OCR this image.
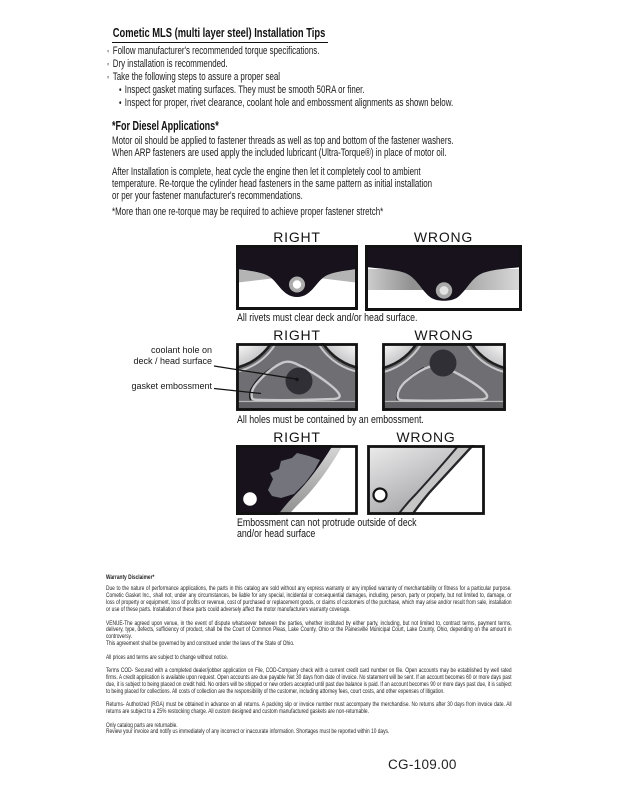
Cometic MLS (multi layer steel) Installation Tips
◦Follow manufacturer's recommended torque specifications.
◦Dry installation is recommended.
◦Take the following steps to assure a proper seal
•Inspect gasket mating surfaces. They must be smooth 50RA or finer.
•Inspect for proper, rivet clearance, coolant hole and embossment alignments as shown below.
*For Diesel Applications*
Motor oil should be applied to fastener threads as well as top and bottom of the fastener washers.
When ARP fasteners are used apply the included lubricant (Ultra-Torque®) in place of motor oil.
After Installation is complete, heat cycle the engine then let it completely cool to ambient
temperature. Re-torque the cylinder head fasteners in the same pattern as initial installation
or per your fastener manufacturer's recommendations.
*More than one re-torque may be required to achieve proper fastener stretch*
RIGHT	WRONG
All rivets must clear deck and/or head surface.
RIGHT	WRONG
coolant hole on
deck / head surface
gasket embossment
All holes must be contained by an embossment.
RIGHT	WRONG
Embossment can not protrude outside of deck
and/or head surface

Warranty Disclaimer*

Due to the nature of performance applications, the parts in this catalog are sold without any express warranty or any implied warranty of merchantability or fitness for a particular purpose. Cometic Gasket Inc., shall not, under any circumstances, be liable for any special, incidental or consequential damages, including, person, party or property, but not limited to, damage, or loss of property or equipment, loss of profits or revenue, cost of purchased or replacement goods, or claims of customers of the purchase, which may arise and/or result from sale, installation or use of these parts. Installation of these parts could adversely affect the motor manufacturers warranty coverage.

VENUE-The agreed upon venue, in the event of dispute whatsoever between the parties, whether instituted by either party, including, but not limited to, contract terms, payment terms, delivery, type, defects, sufficiency of product, shall be the Court of Common Pleas, Lake County, Ohio or the Painesville Municipal Court, Lake County, Ohio, depending on the amount in controversy.

This agreement shall be governed by and construed under the laws of the State of Ohio.

All prices and terms are subject to change without notice.

Terms COD- Secured with a completed dealer/jobber application on File, COD-Company check with a current credit card number on file. Open accounts may be established by well rated firms. A credit application is available upon request. Open accounts are due payable Net 30 days from date of invoice. No statement will be sent. If an account becomes 60 or more days past due, it is subject to being placed on credit hold. No orders will be shipped or new orders accepted until past due balance is paid. If an account becomes 90 or more days past due, it is subject to being placed for collections. All costs of collection are the responsibility of the customer, including attorney fees, court costs, and other expenses of litigation.

Returns- Authorized (RGA) must be obtained in advance on all returns. A packing slip or invoice number must accompany the merchandise. No returns after 30 days from invoice date. All returns are subject to a 25% restocking charge. All custom designed and custom manufactured gaskets are non-returnable.

Only catalog parts are returnable.

Review your invoice and notify us immediately of any incorrect or inaccurate information. Shortages must be reported within 10 days.

CG-109.00
